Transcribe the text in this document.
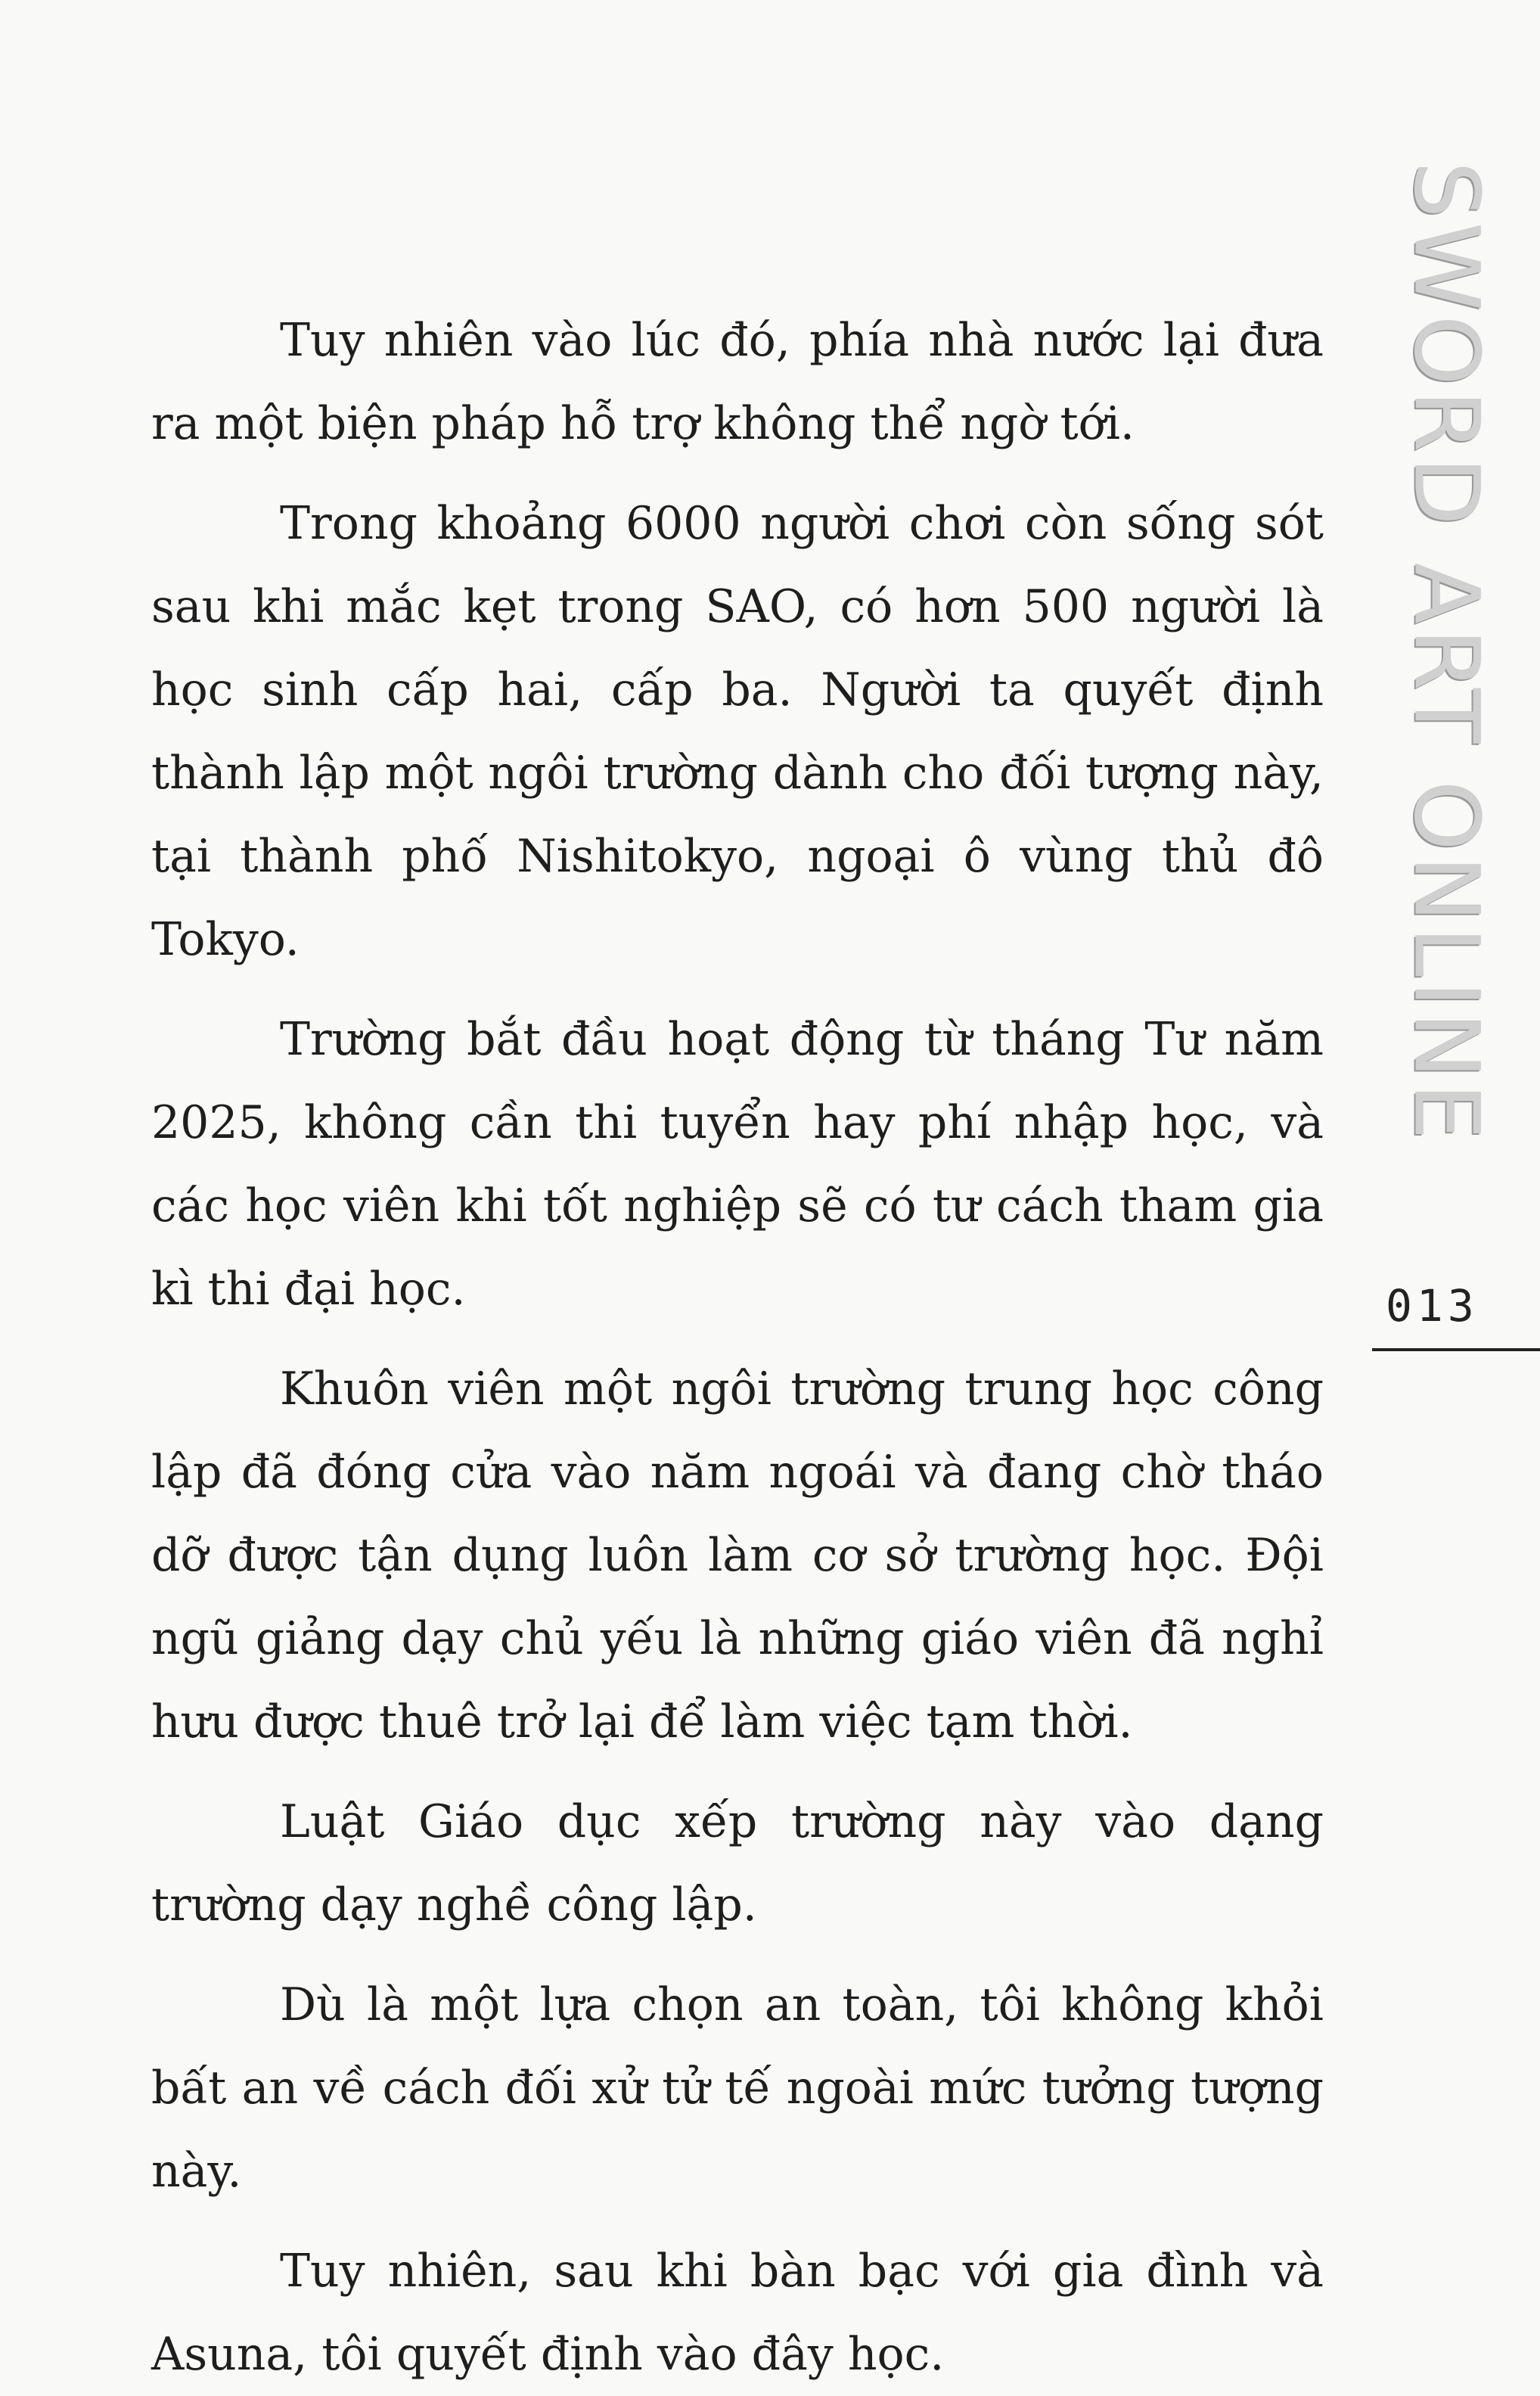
SWORD ART ONLINE
013

Tuy nhiên vào lúc đó, phía nhà nước lại đưa ra một biện pháp hỗ trợ không thể ngờ tới.

Trong khoảng 6000 người chơi còn sống sót sau khi mắc kẹt trong SAO, có hơn 500 người là học sinh cấp hai, cấp ba. Người ta quyết định thành lập một ngôi trường dành cho đối tượng này, tại thành phố Nishitokyo, ngoại ô vùng thủ đô Tokyo.

Trường bắt đầu hoạt động từ tháng Tư năm 2025, không cần thi tuyển hay phí nhập học, và các học viên khi tốt nghiệp sẽ có tư cách tham gia kì thi đại học.

Khuôn viên một ngôi trường trung học công lập đã đóng cửa vào năm ngoái và đang chờ tháo dỡ được tận dụng luôn làm cơ sở trường học. Đội ngũ giảng dạy chủ yếu là những giáo viên đã nghỉ hưu được thuê trở lại để làm việc tạm thời.

Luật Giáo dục xếp trường này vào dạng trường dạy nghề công lập.

Dù là một lựa chọn an toàn, tôi không khỏi bất an về cách đối xử tử tế ngoài mức tưởng tượng này.

Tuy nhiên, sau khi bàn bạc với gia đình và Asuna, tôi quyết định vào đây học.
